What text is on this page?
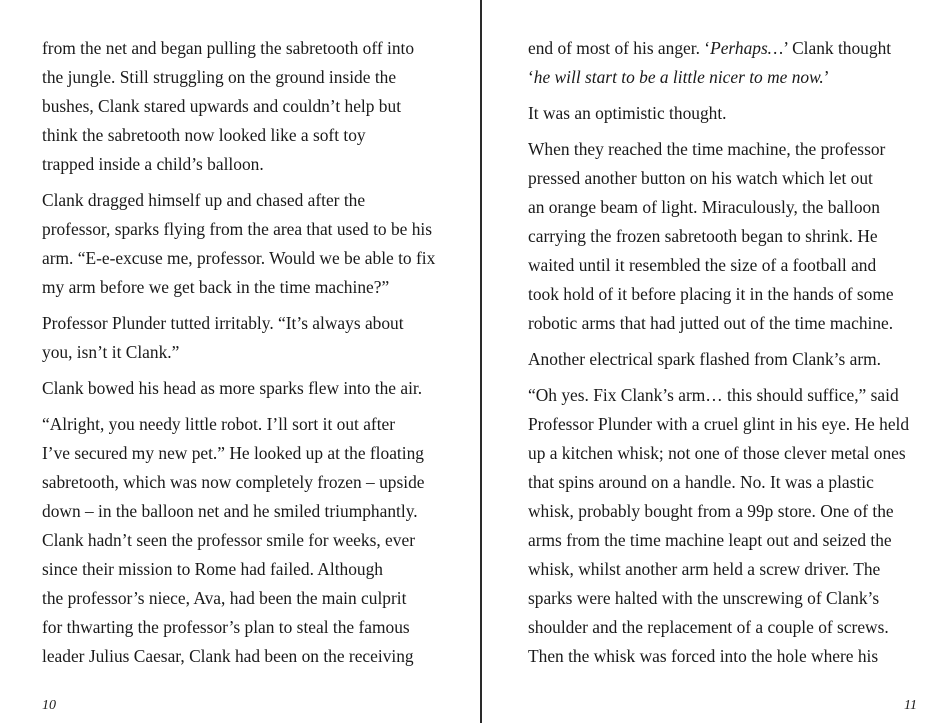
from the net and began pulling the sabretooth off into
the jungle. Still struggling on the ground inside the
bushes, Clank stared upwards and couldn’t help but
think the sabretooth now looked like a soft toy
trapped inside a child’s balloon.

Clank dragged himself up and chased after the
professor, sparks flying from the area that used to be his
arm. “E-e-excuse me, professor. Would we be able to fix
my arm before we get back in the time machine?”

Professor Plunder tutted irritably. “It’s always about
you, isn’t it Clank.”

Clank bowed his head as more sparks flew into the air.

“Alright, you needy little robot. I’ll sort it out after
I’ve secured my new pet.” He looked up at the floating
sabretooth, which was now completely frozen – upside
down – in the balloon net and he smiled triumphantly.
Clank hadn’t seen the professor smile for weeks, ever
since their mission to Rome had failed. Although
the professor’s niece, Ava, had been the main culprit
for thwarting the professor’s plan to steal the famous
leader Julius Caesar, Clank had been on the receiving

10

end of most of his anger. ‘Perhaps…’ Clank thought
‘he will start to be a little nicer to me now.’

It was an optimistic thought.

When they reached the time machine, the professor
pressed another button on his watch which let out
an orange beam of light. Miraculously, the balloon
carrying the frozen sabretooth began to shrink. He
waited until it resembled the size of a football and
took hold of it before placing it in the hands of some
robotic arms that had jutted out of the time machine.

Another electrical spark flashed from Clank’s arm.

“Oh yes. Fix Clank’s arm… this should suffice,” said
Professor Plunder with a cruel glint in his eye. He held
up a kitchen whisk; not one of those clever metal ones
that spins around on a handle. No. It was a plastic
whisk, probably bought from a 99p store. One of the
arms from the time machine leapt out and seized the
whisk, whilst another arm held a screw driver. The
sparks were halted with the unscrewing of Clank’s
shoulder and the replacement of a couple of screws.
Then the whisk was forced into the hole where his

11
